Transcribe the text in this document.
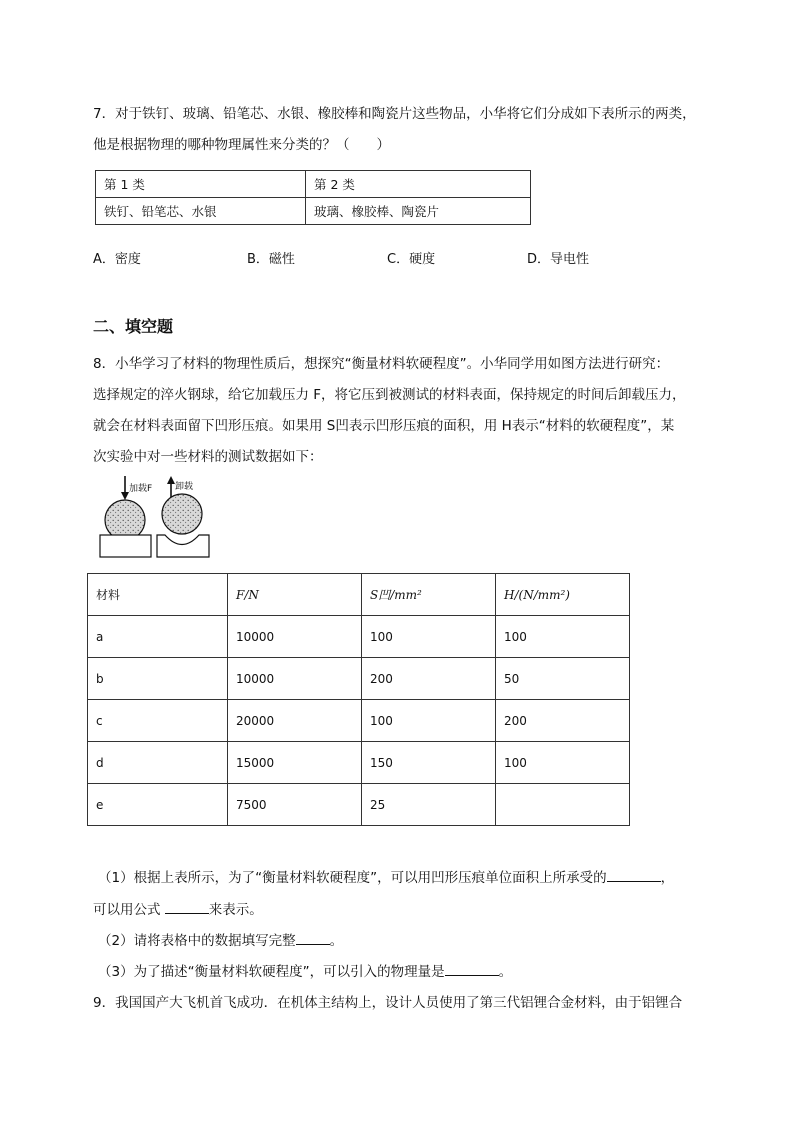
7．对于铁钉、玻璃、铅笔芯、水银、橡胶棒和陶瓷片这些物品，小华将它们分成如下表所示的两类，
他是根据物理的哪种物理属性来分类的？（　　）
第 1 类	第 2 类
铁钉、铅笔芯、水银	玻璃、橡胶棒、陶瓷片
A．密度	B．磁性	C．硬度	D．导电性
二、填空题
8．小华学习了材料的物理性质后，想探究“衡量材料软硬程度”。小华同学用如图方法进行研究：
选择规定的淬火钢球，给它加载压力 F，将它压到被测试的材料表面，保持规定的时间后卸载压力，
就会在材料表面留下凹形压痕。如果用 S凹表示凹形压痕的面积，用 H表示“材料的软硬程度”，某
次实验中对一些材料的测试数据如下：
加载F	卸载
材料	F/N	S凹/mm²	H/(N/mm²)
a	10000	100	100
b	10000	200	50
c	20000	100	200
d	15000	150	100
e	7500	25	
（1）根据上表所示，为了“衡量材料软硬程度”，可以用凹形压痕单位面积上所承受的	，
可以用公式	来表示。
（2）请将表格中的数据填写完整	。
（3）为了描述“衡量材料软硬程度”，可以引入的物理量是	。
9．我国国产大飞机首飞成功．在机体主结构上，设计人员使用了第三代铝锂合金材料，由于铝锂合
